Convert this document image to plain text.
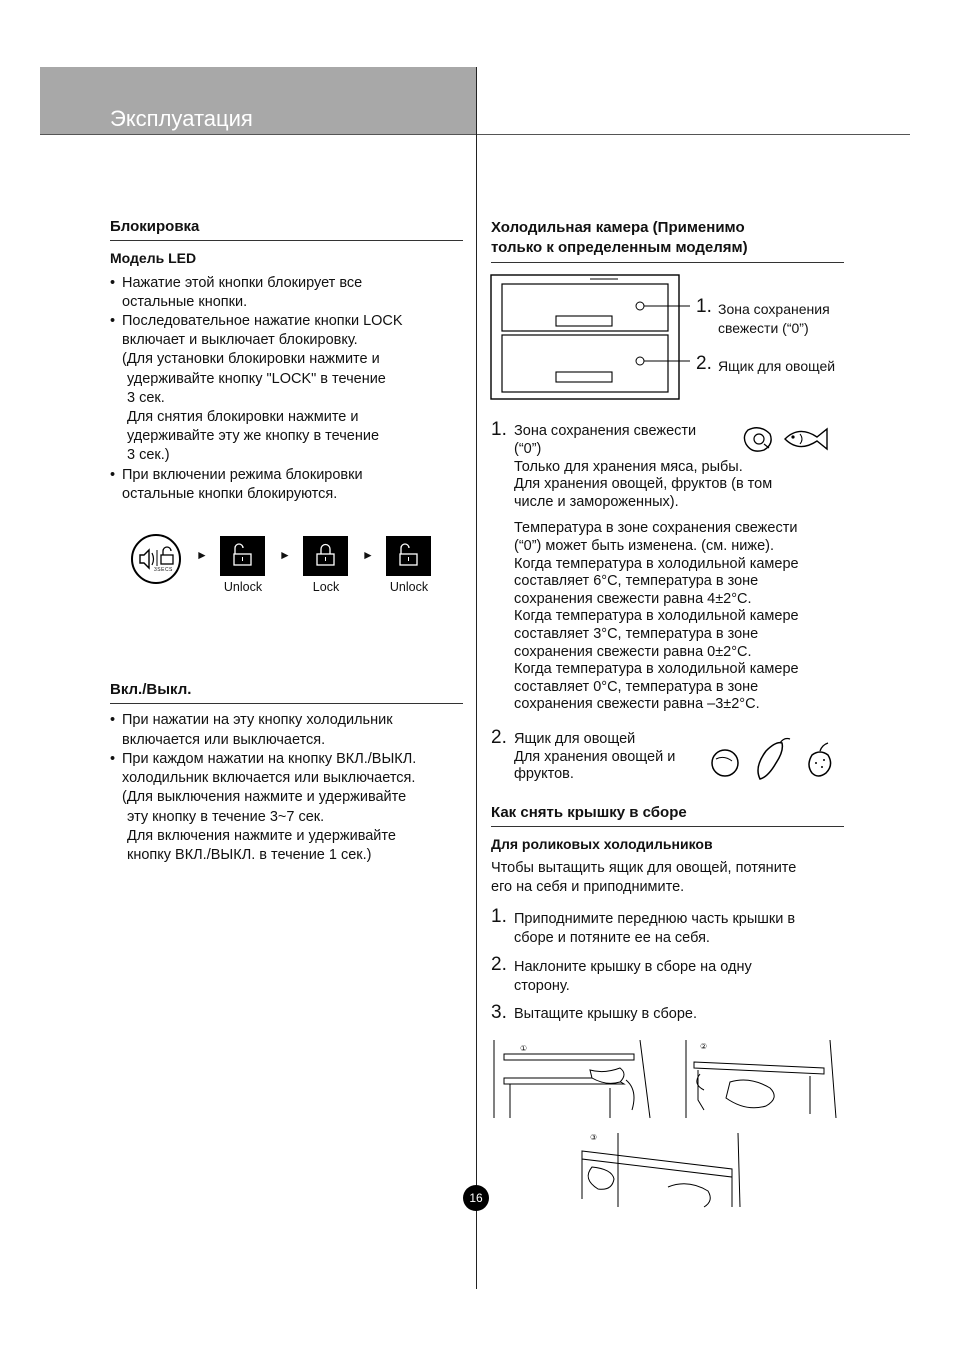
Эксплуатация
Блокировка
Модель LED
• Нажатие этой кнопки блокирует все
остальные кнопки.
• Последовательное нажатие кнопки LOCK
включает и выключает блокировку.
(Для установки блокировки нажмите и
удерживайте кнопку "LOCK" в течение
3 сек.
Для снятия блокировки нажмите и
удерживайте эту же кнопку в течение
3 сек.)
• При включении режима блокировки
остальные кнопки блокируются.
3SECS
►	►	►
Unlock	Lock	Unlock
Вкл./Выкл.
• При нажатии на эту кнопку холодильник
включается или выключается.
• При каждом нажатии на кнопку ВКЛ./ВЫКЛ.
холодильник включается или выключается.
(Для выключения нажмите и удерживайте
эту кнопку в течение 3~7 сек.
Для включения нажмите и удерживайте
кнопку ВКЛ./ВЫКЛ. в течение 1 сек.)
Холодильная камера (Применимо
только к определенным моделям)
1. Зона сохранения
свежести (“0”)
2. Ящик для овощей
1. Зона сохранения свежести
(“0”)
Только для хранения мяса, рыбы.
Для хранения овощей, фруктов (в том
числе и замороженных).
Температура в зоне сохранения свежести
(“0”) может быть изменена. (см. ниже).
Когда температура в холодильной камере
составляет 6°C, температура в зоне
сохранения свежести равна 4±2°C.
Когда температура в холодильной камере
составляет 3°C, температура в зоне
сохранения свежести равна 0±2°C.
Когда температура в холодильной камере
составляет 0°C, температура в зоне
сохранения свежести равна –3±2°C.
2. Ящик для овощей
Для хранения овощей и
фруктов.
Как снять крышку в сборе
Для роликовых холодильников
Чтобы вытащить ящик для овощей, потяните
его на себя и приподнимите.
1. Приподнимите переднюю часть крышки в
сборе и потяните ее на себя.
2. Наклоните крышку в сборе на одну
сторону.
3. Вытащите крышку в сборе.
①	②
③
16
